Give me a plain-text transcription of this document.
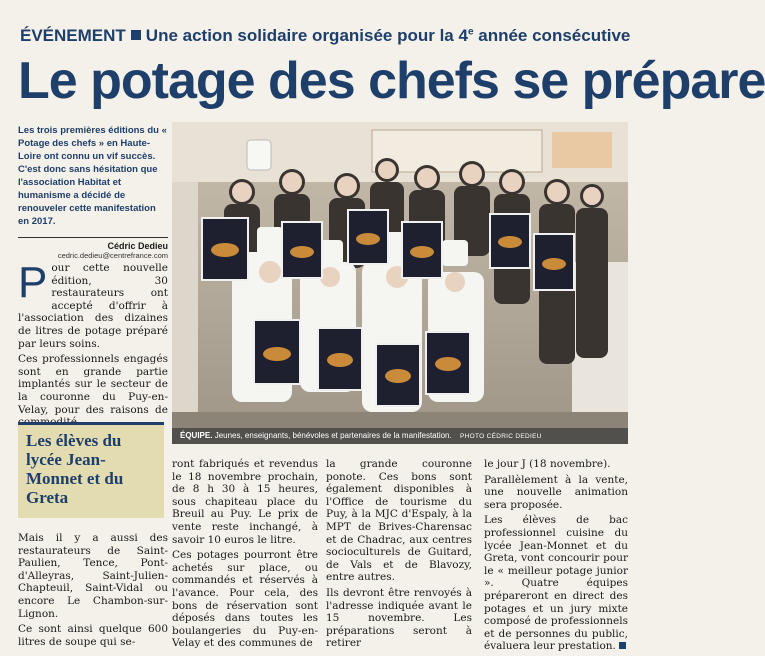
ÉVÉNEMENT Une action solidaire organisée pour la 4e année consécutive
Le potage des chefs se prépare
Les trois premières éditions du « Potage des chefs » en Haute-Loire ont connu un vif succès. C'est donc sans hésitation que l'association Habitat et humanisme a décidé de renouveler cette manifestation en 2017.
Cédric Dedieu
cedric.dedieu@centrefrance.com
ÉQUIPE. Jeunes, enseignants, bénévoles et partenaires de la manifestation. PHOTO CÉDRIC DEDIEU

Pour cette nouvelle édition, 30 restaurateurs ont accepté d'offrir à l'association des dizaines de litres de potage préparé par leurs soins.

Ces professionnels engagés sont en grande partie implantés sur le secteur de la couronne du Puy-en-Velay, pour des raisons de

Les élèves du lycée Jean-Monnet et du Greta

Mais il y a aussi des restaurateurs de Saint-Paulien, Tence, Pont-d'Alleyras, Saint-Julien-Chapteuil, Saint-Vidal ou encore Le Chambon-sur-Lignon.

Ce sont ainsi quelque 600 litres de soupe qui se-

ront fabriqués et revendus le 18 novembre prochain, de 8 h 30 à 15 heures, sous chapiteau place du Breuil au Puy. Le prix de vente reste inchangé, à savoir 10 euros le litre.

Ces potages pourront être achetés sur place, ou commandés et réservés à l'avance. Pour cela, des bons de réservation sont déposés dans toutes les boulangeries du Puy-en-Velay et des communes de

la grande couronne ponote. Ces bons sont également disponibles à l'Office de tourisme du Puy, à la MJC d'Espaly, à la MPT de Brives-Charensac et de Chadrac, aux centres socioculturels de Guitard, de Vals et de Blavozy, entre autres.

Ils devront être renvoyés à l'adresse indiquée avant le 15 novembre. Les préparations seront à retirer

le jour J (18 novembre).

Parallèlement à la vente, une nouvelle animation sera proposée.

Les élèves de bac professionnel cuisine du lycée Jean-Monnet et du Greta, vont concourir pour le « meilleur potage junior ». Quatre équipes prépareront en direct des potages et un jury mixte composé de professionnels et de personnes du public, évaluera leur prestation.
